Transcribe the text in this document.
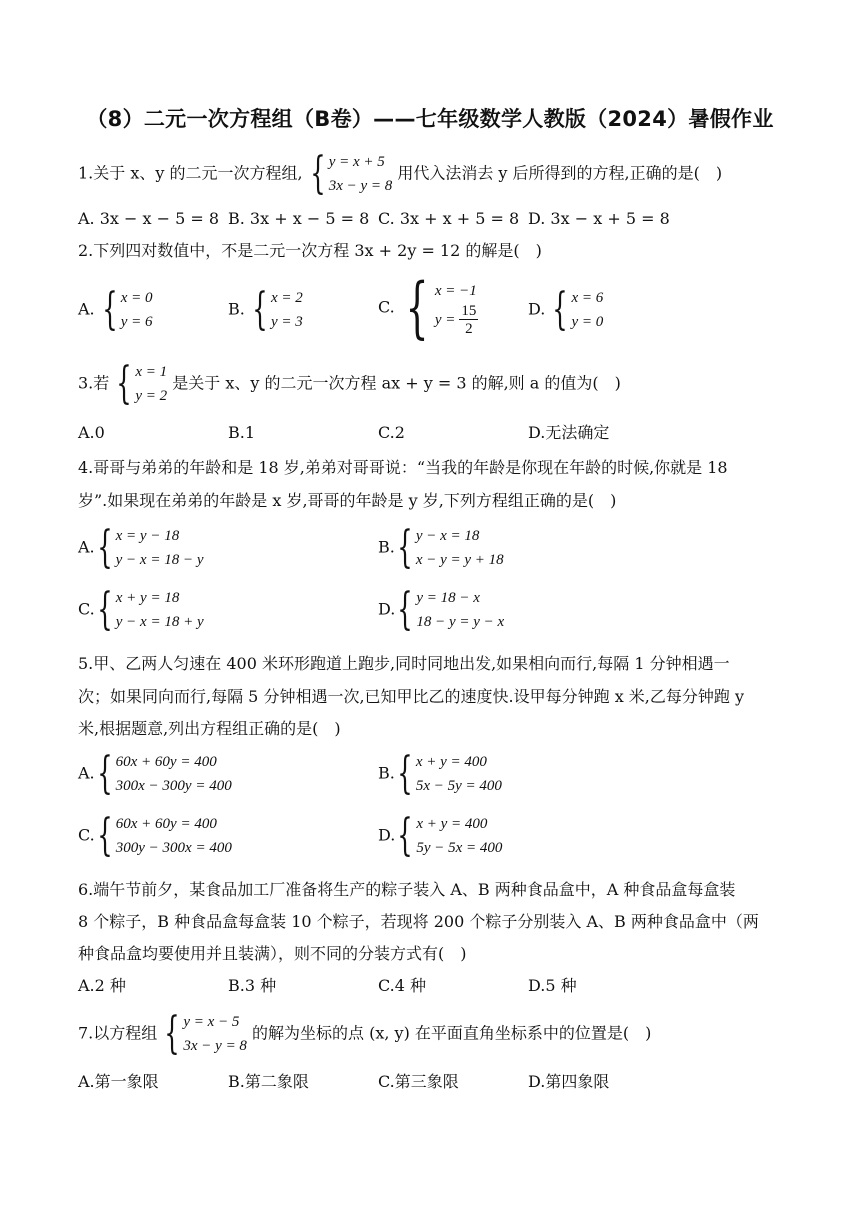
（8）二元一次方程组（B卷）——七年级数学人教版（2024）暑假作业
1.关于 x、y 的二元一次方程组, { y = x + 5
3x − y = 8
用代入法消去 y 后所得到的方程,正确的是(　)
A. 3x − x − 5 = 8 B. 3x + x − 5 = 8 C. 3x + x + 5 = 8 D. 3x − x + 5 = 8
2.下列四对数值中，不是二元一次方程 3x + 2y = 12 的解是(　)
A. { x = 0
y = 6
B. { x = 2
y = 3
C. { x = −1
$y = \frac{15}{2}$	D. { x = 6
y = 0
3.若 { x = 1
y = 2
是关于 x、y 的二元一次方程 ax + y = 3 的解,则 a 的值为(　)
A.0	B.1	C.2	D.无法确定
4.哥哥与弟弟的年龄和是 18 岁,弟弟对哥哥说：“当我的年龄是你现在年龄的时候,你就是 18
岁”.如果现在弟弟的年龄是 x 岁,哥哥的年龄是 y 岁,下列方程组正确的是(　)
A. { x = y − 18
y − x = 18 − y
B. { y − x = 18
x − y = y + 18
C. { x + y = 18
y − x = 18 + y
D. { y = 18 − x
18 − y = y − x
5.甲、乙两人匀速在 400 米环形跑道上跑步,同时同地出发,如果相向而行,每隔 1 分钟相遇一
次；如果同向而行,每隔 5 分钟相遇一次,已知甲比乙的速度快.设甲每分钟跑 x 米,乙每分钟跑 y
米,根据题意,列出方程组正确的是(　)
A. { 60x + 60y = 400
300x − 300y = 400
B. { x + y = 400
5x − 5y = 400
C. { 60x + 60y = 400
300y − 300x = 400
D. { x + y = 400
5y − 5x = 400
6.端午节前夕，某食品加工厂准备将生产的粽子装入 A、B 两种食品盒中，A 种食品盒每盒装
8 个粽子，B 种食品盒每盒装 10 个粽子，若现将 200 个粽子分别装入 A、B 两种食品盒中（两
种食品盒均要使用并且装满），则不同的分装方式有(　)
A.2 种	B.3 种	C.4 种	D.5 种
7.以方程组 { y = x − 5
3x − y = 8
的解为坐标的点 (x, y) 在平面直角坐标系中的位置是(　)
A.第一象限	B.第二象限	C.第三象限	D.第四象限
